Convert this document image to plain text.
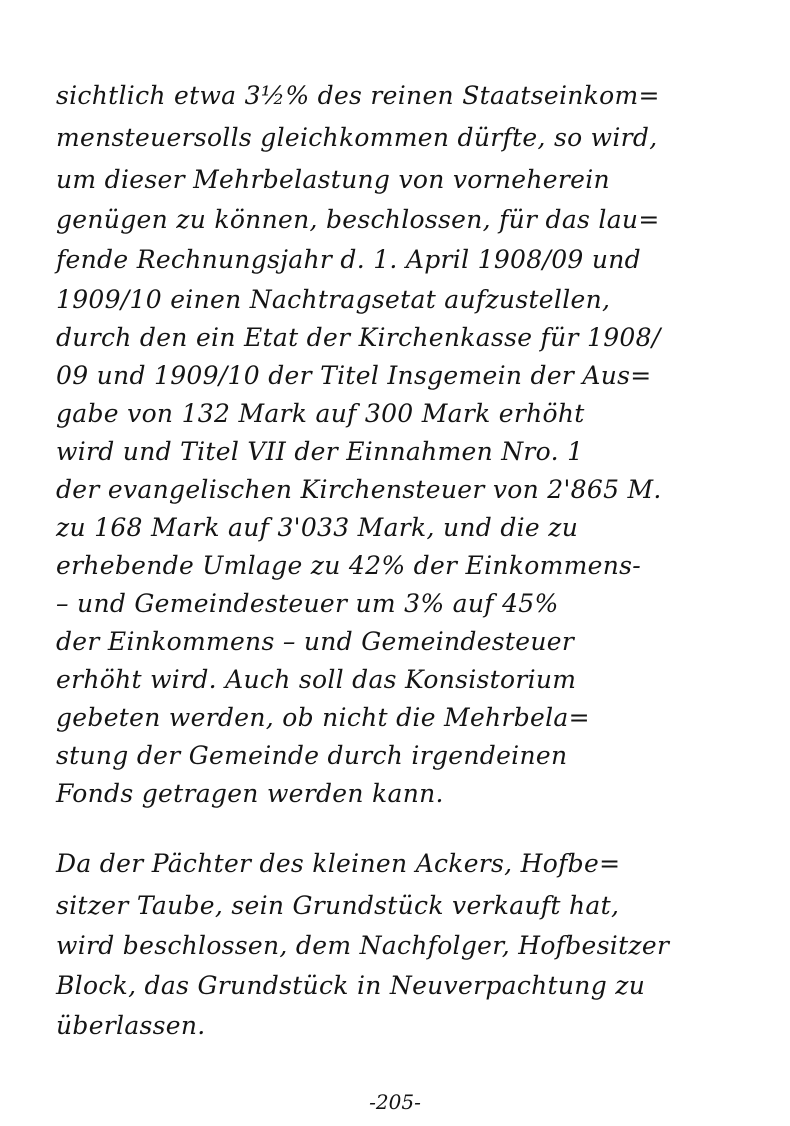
sichtlich etwa 3½% des reinen Staatseinkom=
mensteuersolls gleichkommen dürfte, so wird,
um dieser Mehrbelastung von vorneherein
genügen zu können, beschlossen, für das lau=
fende Rechnungsjahr d. 1. April 1908/09 und
1909/10 einen Nachtragsetat aufzustellen,
durch den ein Etat der Kirchenkasse für 1908/
09 und 1909/10 der Titel Insgemein der Aus=
gabe von 132 Mark auf 300 Mark erhöht
wird und Titel VII der Einnahmen Nro. 1
der evangelischen Kirchensteuer von 2'865 M.
zu 168 Mark auf 3'033 Mark, und die zu
erhebende Umlage zu 42% der Einkommens-
– und Gemeindesteuer um 3% auf 45%
der Einkommens – und Gemeindesteuer
erhöht wird. Auch soll das Konsistorium
gebeten werden, ob nicht die Mehrbela=
stung der Gemeinde durch irgendeinen
Fonds getragen werden kann.
Da der Pächter des kleinen Ackers, Hofbe=
sitzer Taube, sein Grundstück verkauft hat,
wird beschlossen, dem Nachfolger, Hofbesitzer
Block, das Grundstück in Neuverpachtung zu
überlassen.
-205-
